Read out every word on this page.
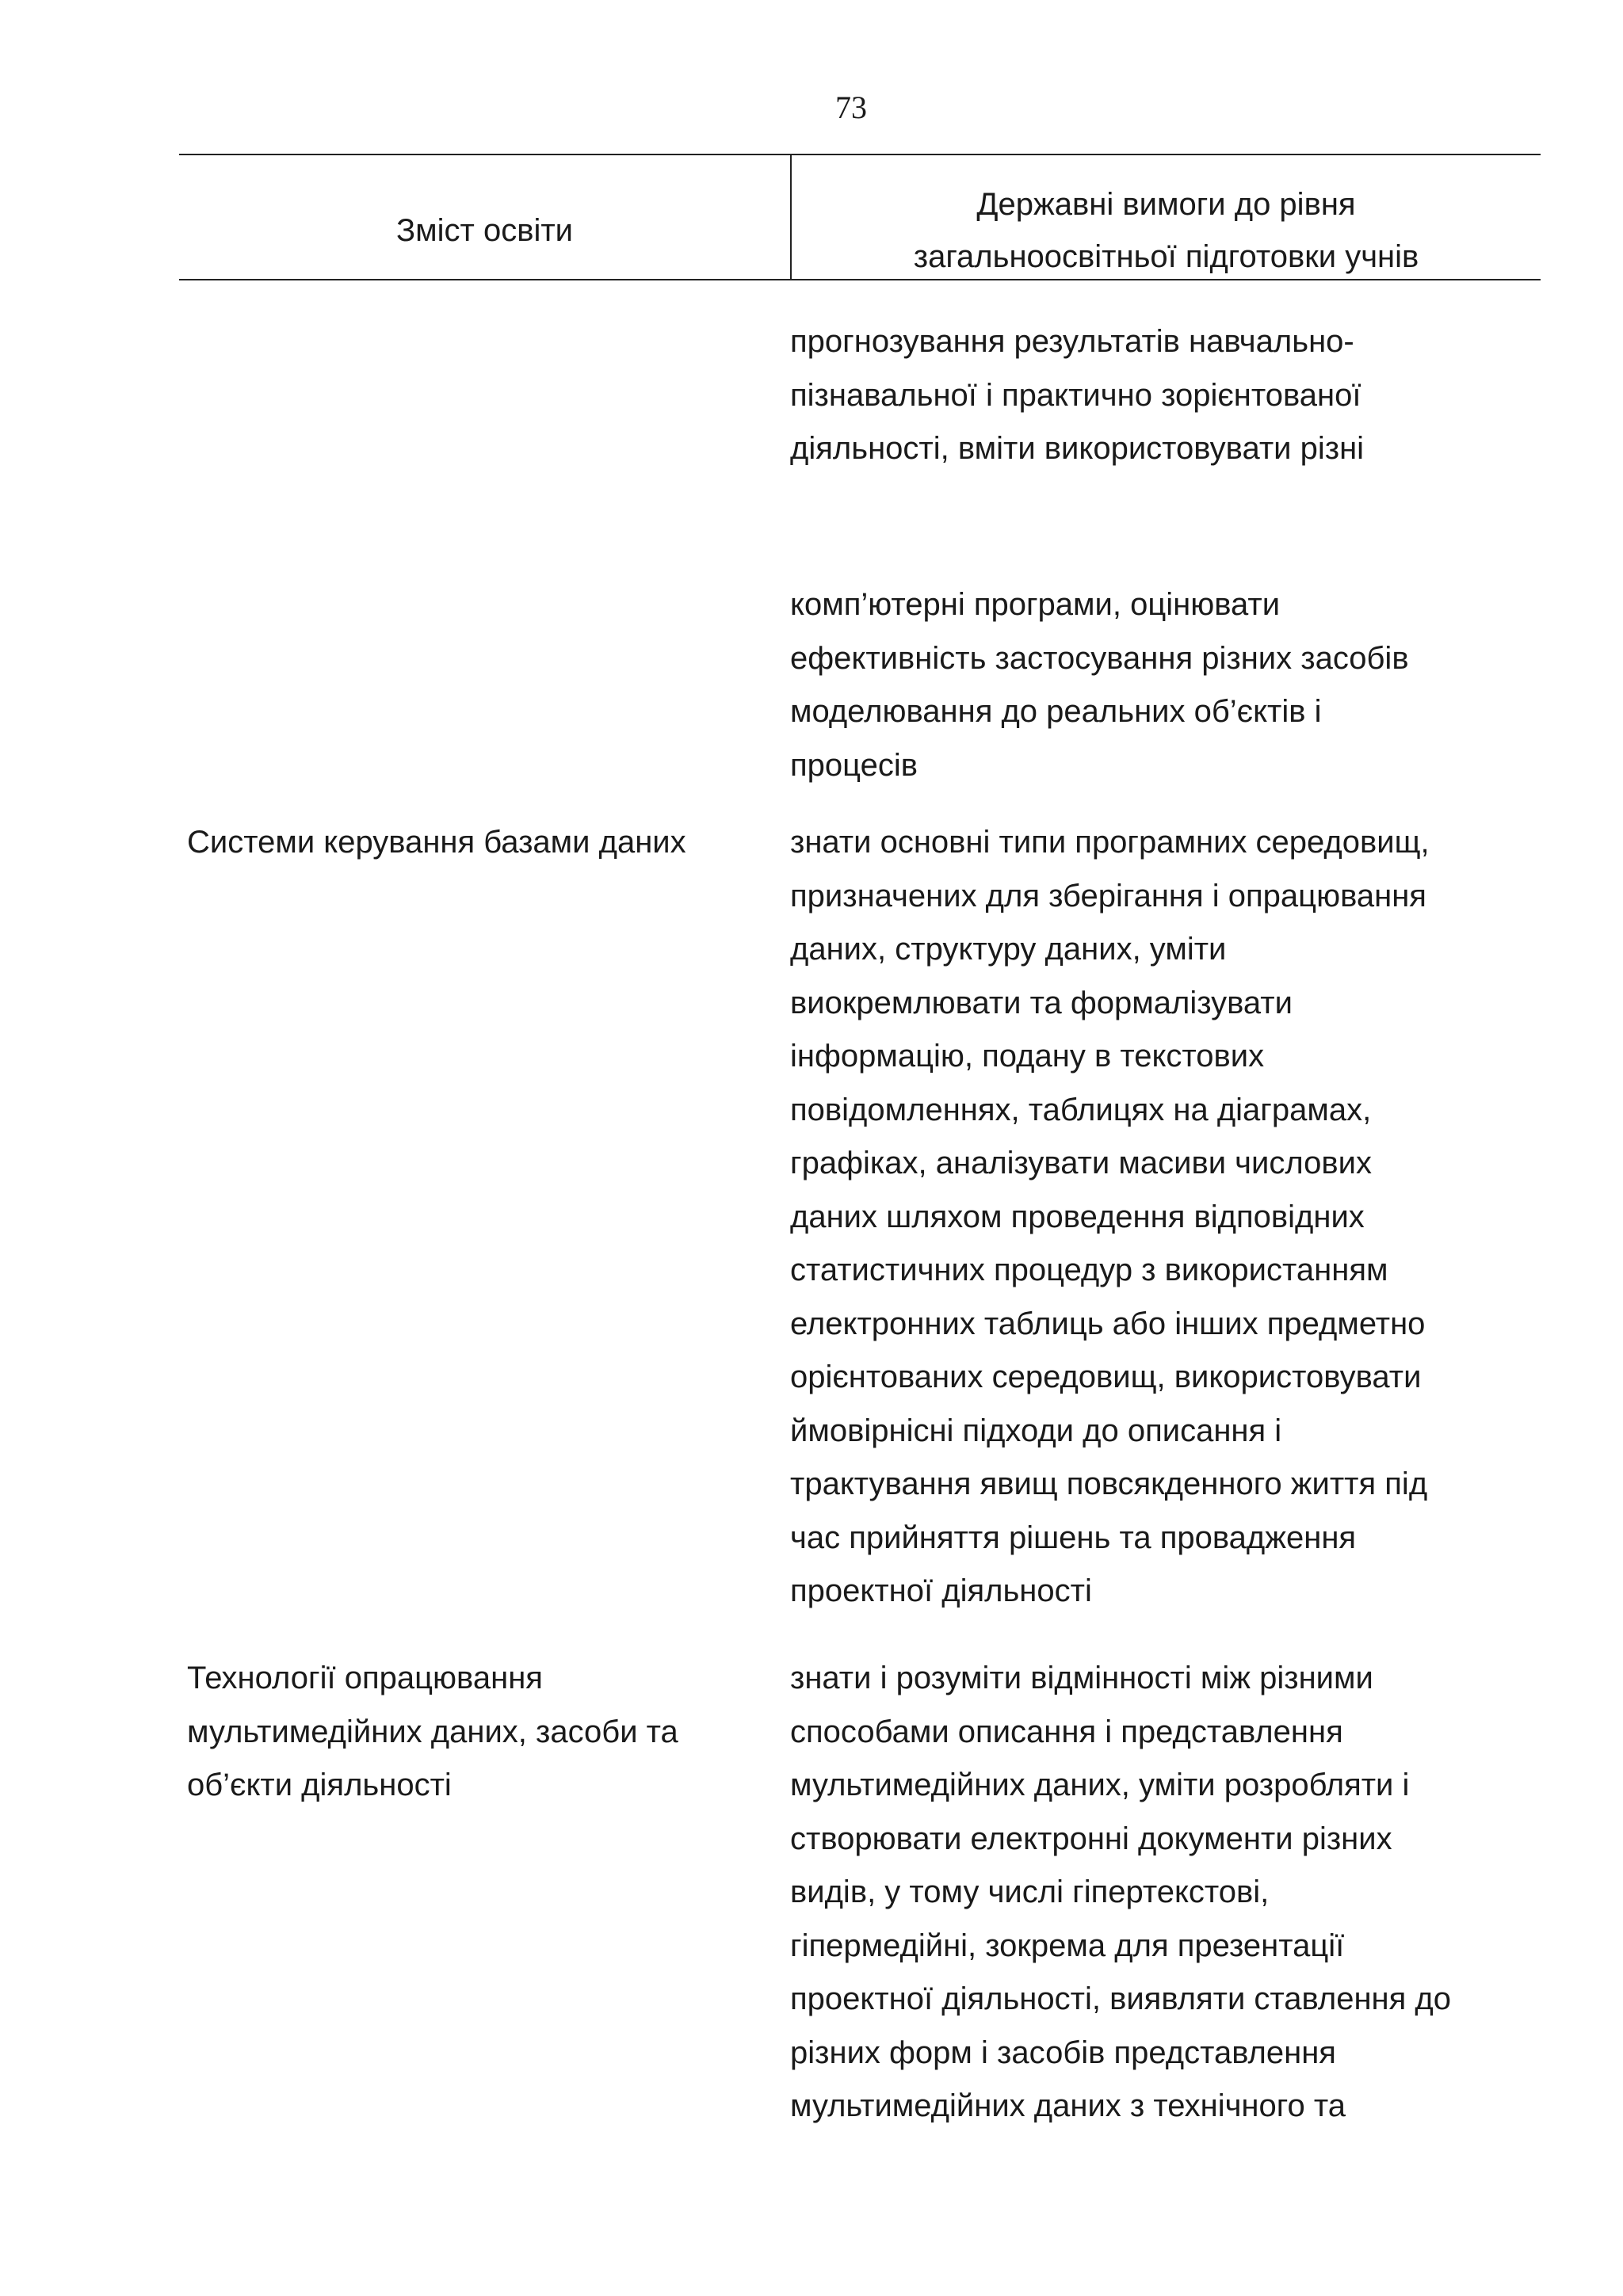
73
Зміст освіти
Державні вимоги до рівня
загальноосвітньої підготовки учнів
прогнозування результатів навчально-
пізнавальної і практично зорієнтованої
діяльності, вміти використовувати різні
комп’ютерні програми, оцінювати
ефективність застосування різних засобів
моделювання до реальних об’єктів і
процесів
Системи керування базами даних	знати основні типи програмних середовищ,
призначених для зберігання і опрацювання
даних, структуру даних, уміти
виокремлювати та формалізувати
інформацію, подану в текстових
повідомленнях, таблицях на діаграмах,
графіках, аналізувати масиви числових
даних шляхом проведення відповідних
статистичних процедур з використанням
електронних таблиць або інших предметно
орієнтованих середовищ, використовувати
ймовірнісні підходи до описання і
трактування явищ повсякденного життя під
час прийняття рішень та провадження
проектної діяльності
Технології опрацювання
мультимедійних даних, засоби та
об’єкти діяльності
знати і розуміти відмінності між різними
способами описання і представлення
мультимедійних даних, уміти розробляти і
створювати електронні документи різних
видів, у тому числі гіпертекстові,
гіпермедійні, зокрема для презентації
проектної діяльності, виявляти ставлення до
різних форм і засобів представлення
мультимедійних даних з технічного та
